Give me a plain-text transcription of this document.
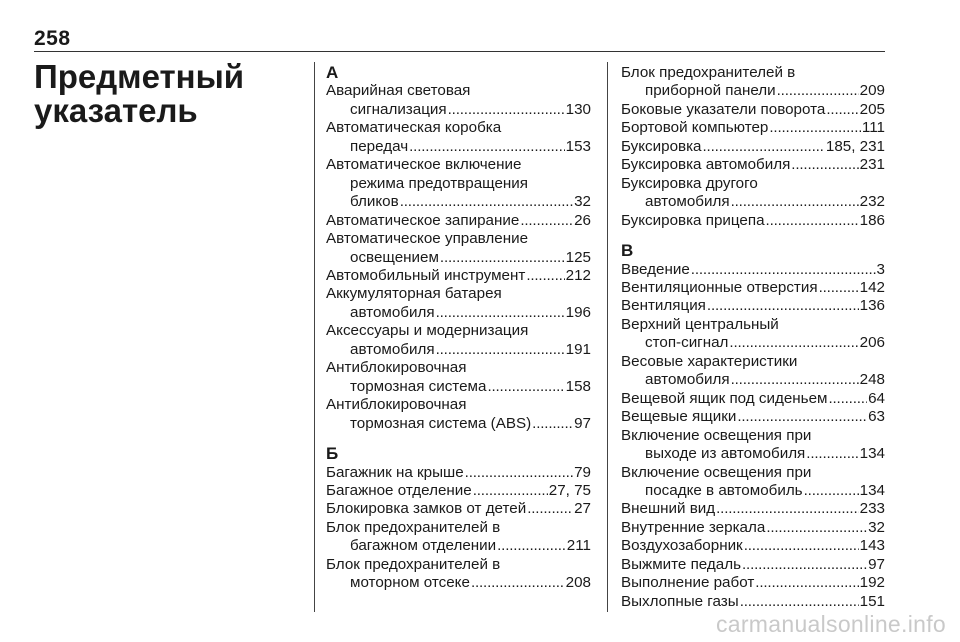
258
Предметный указатель
А
Аварийная световая
сигнализация . . .	130
Автоматическая коробка
передач . . .	153
Автоматическое включение
режима предотвращения
бликов . . .	32
Автоматическое запирание . . .	26
Автоматическое управление
освещением . . .	125
Автомобильный инструмент . . .	212
Аккумуляторная батарея
автомобиля . . .	196
Аксессуары и модернизация
автомобиля . . .	191
Антиблокировочная
тормозная система . . .	158
Антиблокировочная
тормозная система (ABS) . . .	97
Б
Багажник на крыше . . .	79
Багажное отделение . . .	27, 75
Блокировка замков от детей . . .	27
Блок предохранителей в
багажном отделении . . .	211
Блок предохранителей в
моторном отсеке . . .	208
Блок предохранителей в
приборной панели . . .	209
Боковые указатели поворота . . . 205
Бортовой компьютер . . .	111
Буксировка . . .	185, 231
Буксировка автомобиля . . .	231
Буксировка другого
автомобиля . . .	232
Буксировка прицепа . . .	186
В
Введение . . .	3
Вентиляционные отверстия . . .	142
Вентиляция . . .	136
Верхний центральный
стоп-сигнал . . .	206
Весовые характеристики
автомобиля . . .	248
Вещевой ящик под сиденьем . . .	64
Вещевые ящики . . .	63
Включение освещения при
выходе из автомобиля . . .	134
Включение освещения при
посадке в автомобиль . . .	134
Внешний вид . . .	233
Внутренние зеркала . . .	32
Воздухозаборник . . .	143
Выжмите педаль . . .	97
Выполнение работ . . .	192
Выхлопные газы . . .	151
carmanualsonline.info
